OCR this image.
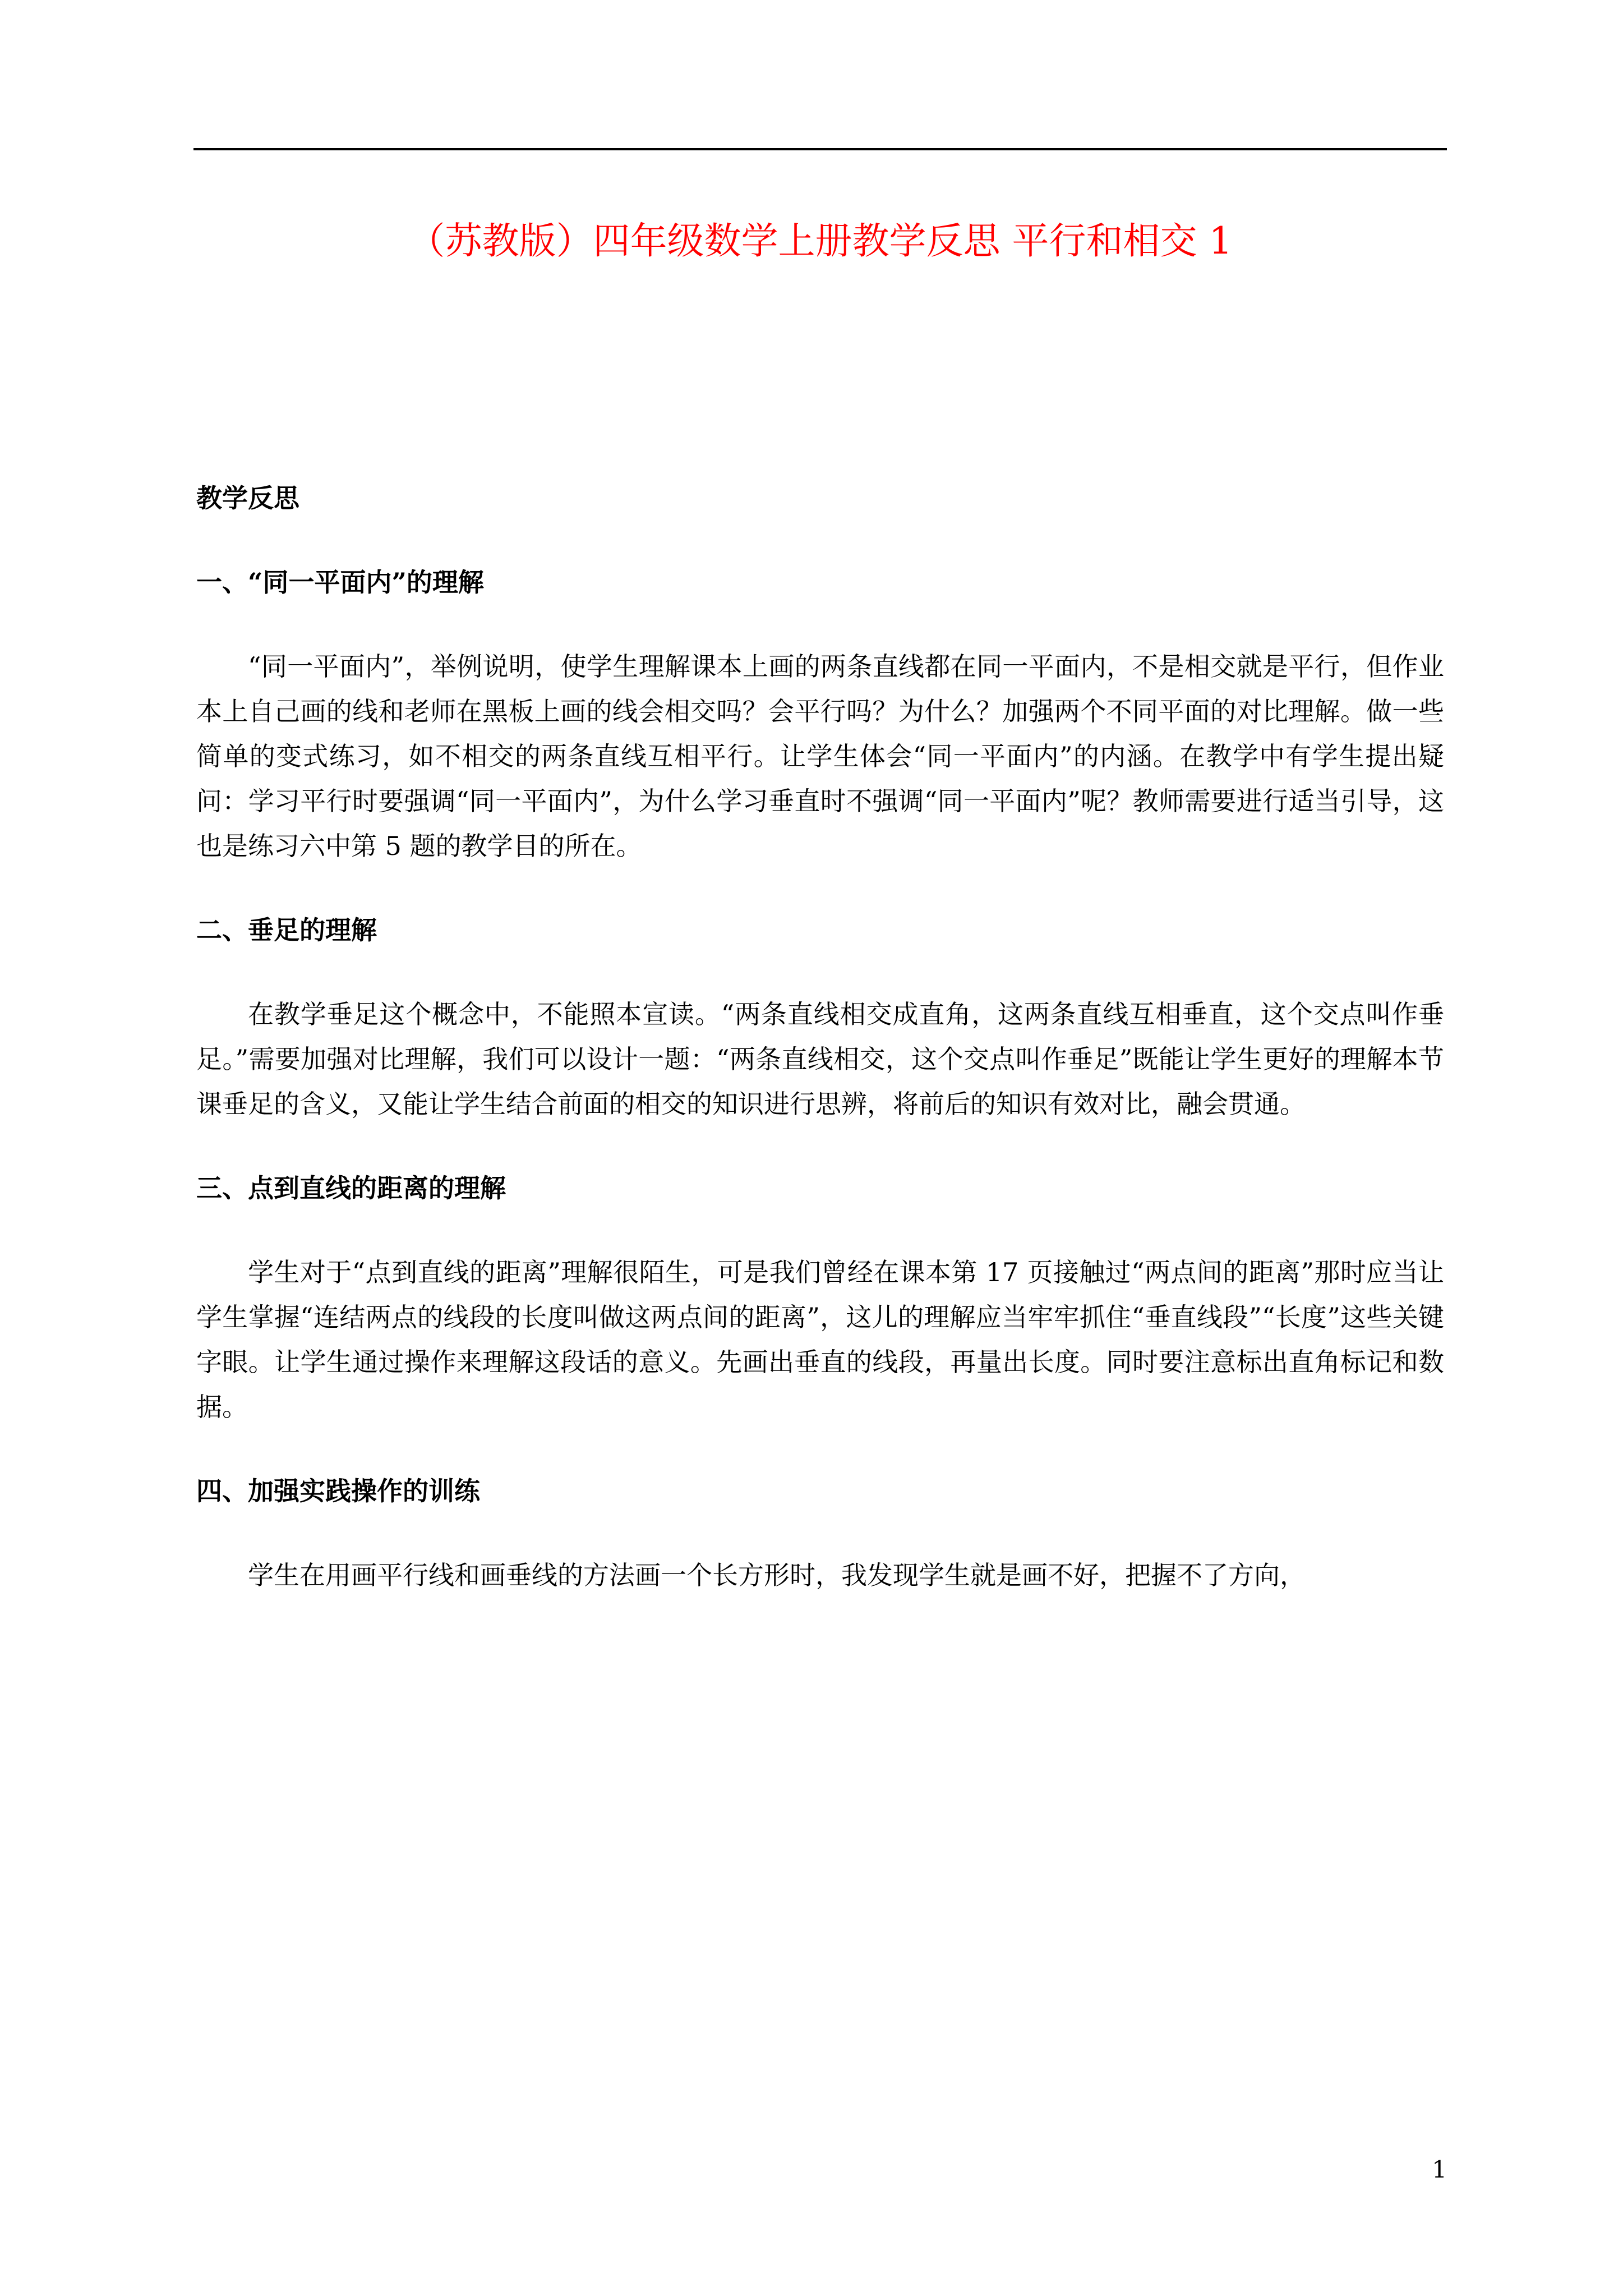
（苏教版）四年级数学上册教学反思 平行和相交 1
教学反思
一、“同一平面内”的理解

“同一平面内”，举例说明，使学生理解课本上画的两条直线都在同一平面内，不是相交就是平行，但作业本上自己画的线和老师在黑板上画的线会相交吗？会平行吗？为什么？加强两个不同平面的对比理解。做一些简单的变式练习，如不相交的两条直线互相平行。让学生体会“同一平面内”的内涵。在教学中有学生提出疑问：学习平行时要强调“同一平面内”，为什么学习垂直时不强调“同一平面内”呢？教师需要进行适当引导，这也是练习六中第 5 题的教学目的所在。

二、垂足的理解

在教学垂足这个概念中，不能照本宣读。“两条直线相交成直角，这两条直线互相垂直，这个交点叫作垂足。”需要加强对比理解，我们可以设计一题：“两条直线相交，这个交点叫作垂足”既能让学生更好的理解本节课垂足的含义，又能让学生结合前面的相交的知识进行思辨，将前后的知识有效对比，融会贯通。

三、点到直线的距离的理解

学生对于“点到直线的距离”理解很陌生，可是我们曾经在课本第 17 页接触过“两点间的距离”那时应当让学生掌握“连结两点的线段的长度叫做这两点间的距离”，这儿的理解应当牢牢抓住“垂直线段”“长度”这些关键字眼。让学生通过操作来理解这段话的意义。先画出垂直的线段，再量出长度。同时要注意标出直角标记和数据。

四、加强实践操作的训练

学生在用画平行线和画垂线的方法画一个长方形时，我发现学生就是画不好，把握不了方向，

1
